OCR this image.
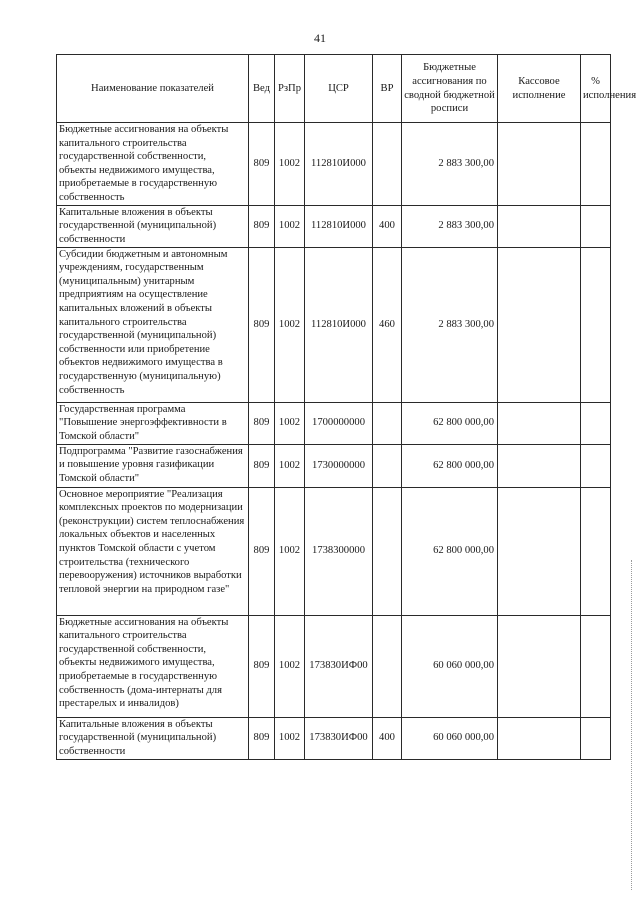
41
Наименование показателей	Вед	РзПр	ЦСР	ВР	Бюджетные ассигнования по сводной бюджетной росписи	Кассовое исполнение	% исполнения
Бюджетные ассигнования на объекты капитального строительства государственной собственности, объекты недвижимого имущества, приобретаемые в государственную собственность	809	1002	112810И000		2 883 300,00		
Капитальные вложения в объекты государственной (муниципальной) собственности	809	1002	112810И000	400	2 883 300,00		
Субсидии бюджетным и автономным учреждениям, государственным (муниципальным) унитарным предприятиям на осуществление капитальных вложений в объекты капитального строительства государственной (муниципальной) собственности или приобретение объектов недвижимого имущества в государственную (муниципальную) собственность	809	1002	112810И000	460	2 883 300,00		
Государственная программа "Повышение энергоэффективности в Томской области"	809	1002	1700000000		62 800 000,00		
Подпрограмма "Развитие газоснабжения и повышение уровня газификации Томской области"	809	1002	1730000000		62 800 000,00		
Основное мероприятие "Реализация комплексных проектов по модернизации (реконструкции) систем теплоснабжения локальных объектов и населенных пунктов Томской области с учетом строительства (технического перевооружения) источников выработки тепловой энергии на природном газе"	809	1002	1738300000		62 800 000,00		
Бюджетные ассигнования на объекты капитального строительства государственной собственности, объекты недвижимого имущества, приобретаемые в государственную собственность (дома-интернаты для престарелых и инвалидов)	809	1002	173830ИФ00		60 060 000,00		
Капитальные вложения в объекты государственной (муниципальной) собственности	809	1002	173830ИФ00	400	60 060 000,00		
